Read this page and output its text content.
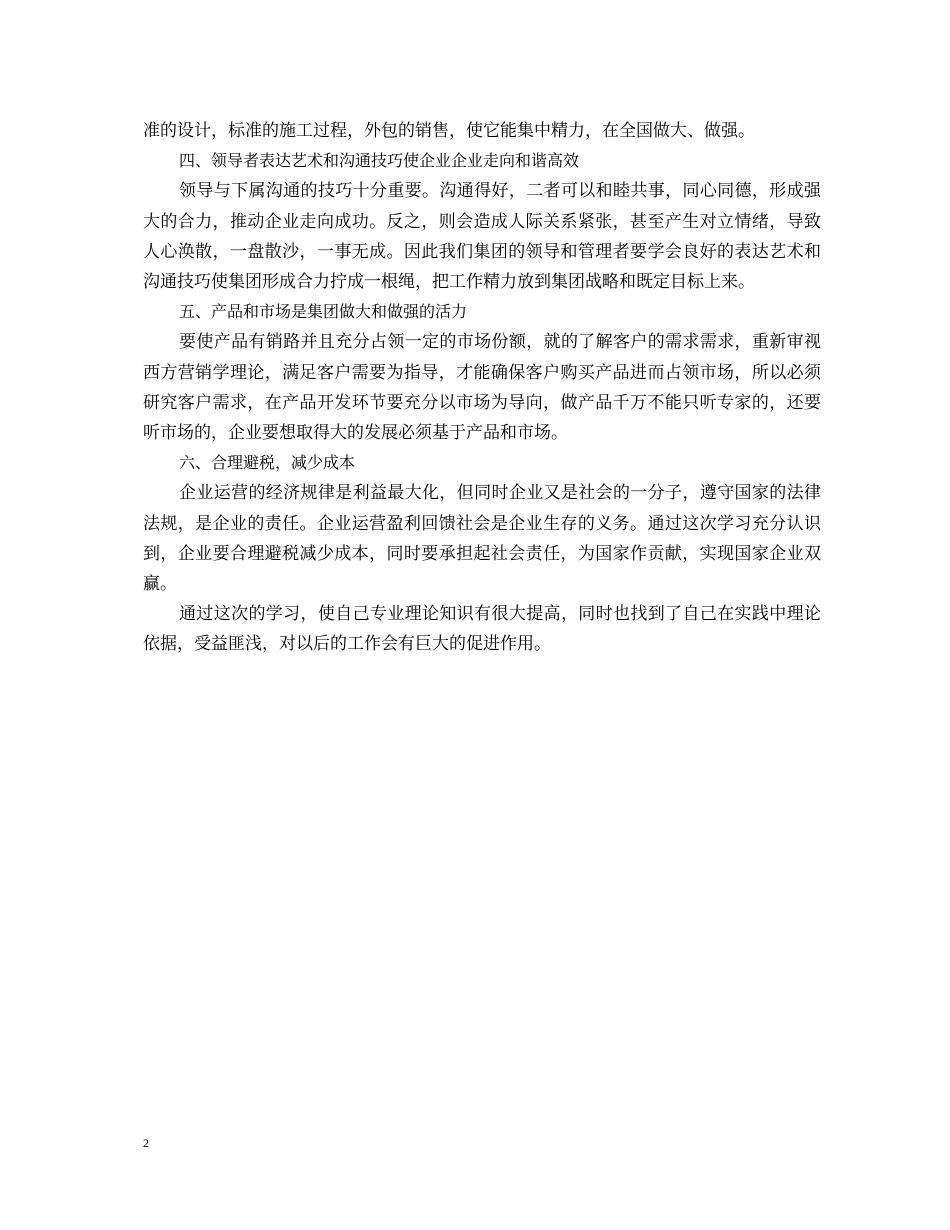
准的设计，标准的施工过程，外包的销售，使它能集中精力，在全国做大、做强。

四、领导者表达艺术和沟通技巧使企业企业走向和谐高效

领导与下属沟通的技巧十分重要。沟通得好，二者可以和睦共事，同心同德，形成强大的合力，推动企业走向成功。反之，则会造成人际关系紧张，甚至产生对立情绪，导致人心涣散，一盘散沙，一事无成。因此我们集团的领导和管理者要学会良好的表达艺术和沟通技巧使集团形成合力拧成一根绳，把工作精力放到集团战略和既定目标上来。

五、产品和市场是集团做大和做强的活力

要使产品有销路并且充分占领一定的市场份额，就的了解客户的需求需求，重新审视西方营销学理论，满足客户需要为指导，才能确保客户购买产品进而占领市场，所以必须研究客户需求，在产品开发环节要充分以市场为导向，做产品千万不能只听专家的，还要听市场的，企业要想取得大的发展必须基于产品和市场。

六、合理避税，减少成本

企业运营的经济规律是利益最大化，但同时企业又是社会的一分子，遵守国家的法律法规，是企业的责任。企业运营盈利回馈社会是企业生存的义务。通过这次学习充分认识到，企业要合理避税减少成本，同时要承担起社会责任，为国家作贡献，实现国家企业双赢。

通过这次的学习，使自己专业理论知识有很大提高，同时也找到了自己在实践中理论依据，受益匪浅，对以后的工作会有巨大的促进作用。

2
